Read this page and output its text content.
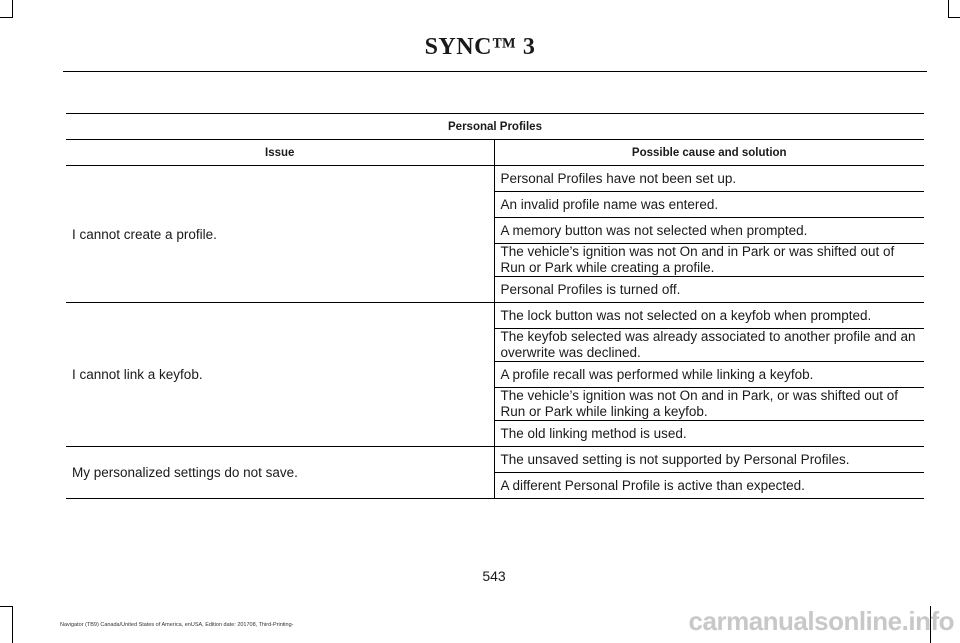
SYNC™ 3
Personal Profiles	
Issue	Possible cause and solution
I cannot create a profile.	Personal Profiles have not been set up.
	An invalid profile name was entered.
	A memory button was not selected when prompted.
	The vehicle’s ignition was not On and in Park or was shifted out of Run or Park while creating a profile.
	Personal Profiles is turned off.
I cannot link a keyfob.	The lock button was not selected on a keyfob when prompted.
	The keyfob selected was already associated to another profile and an overwrite was declined.
	A profile recall was performed while linking a keyfob.
	The vehicle’s ignition was not On and in Park, or was shifted out of Run or Park while linking a keyfob.
	The old linking method is used.
My personalized settings do not save.	The unsaved setting is not supported by Personal Profiles.
	A different Personal Profile is active than expected.
543
Navigator (TB9) Canada/United States of America, enUSA, Edition date: 201708, Third-Printing-	carmanualsonline.info
